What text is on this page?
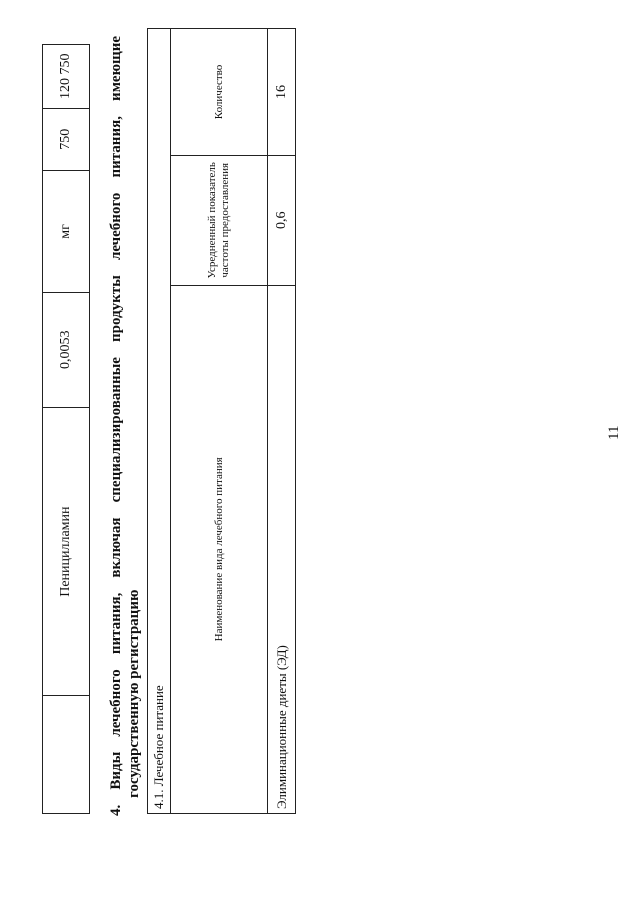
11
	Пеницилламин	0,0053	мг	750	120 750
4.
Виды
лечебного
питания,
включая
специализированные
продукты
лечебного
питания,
имеющие
государственную регистрацию 4.1. Лечебное питание		
Наименование вида лечебного питания	Усредненный показатель частоты предоставления	Количество
Элиминационные диеты (ЭД)	0,6	16
